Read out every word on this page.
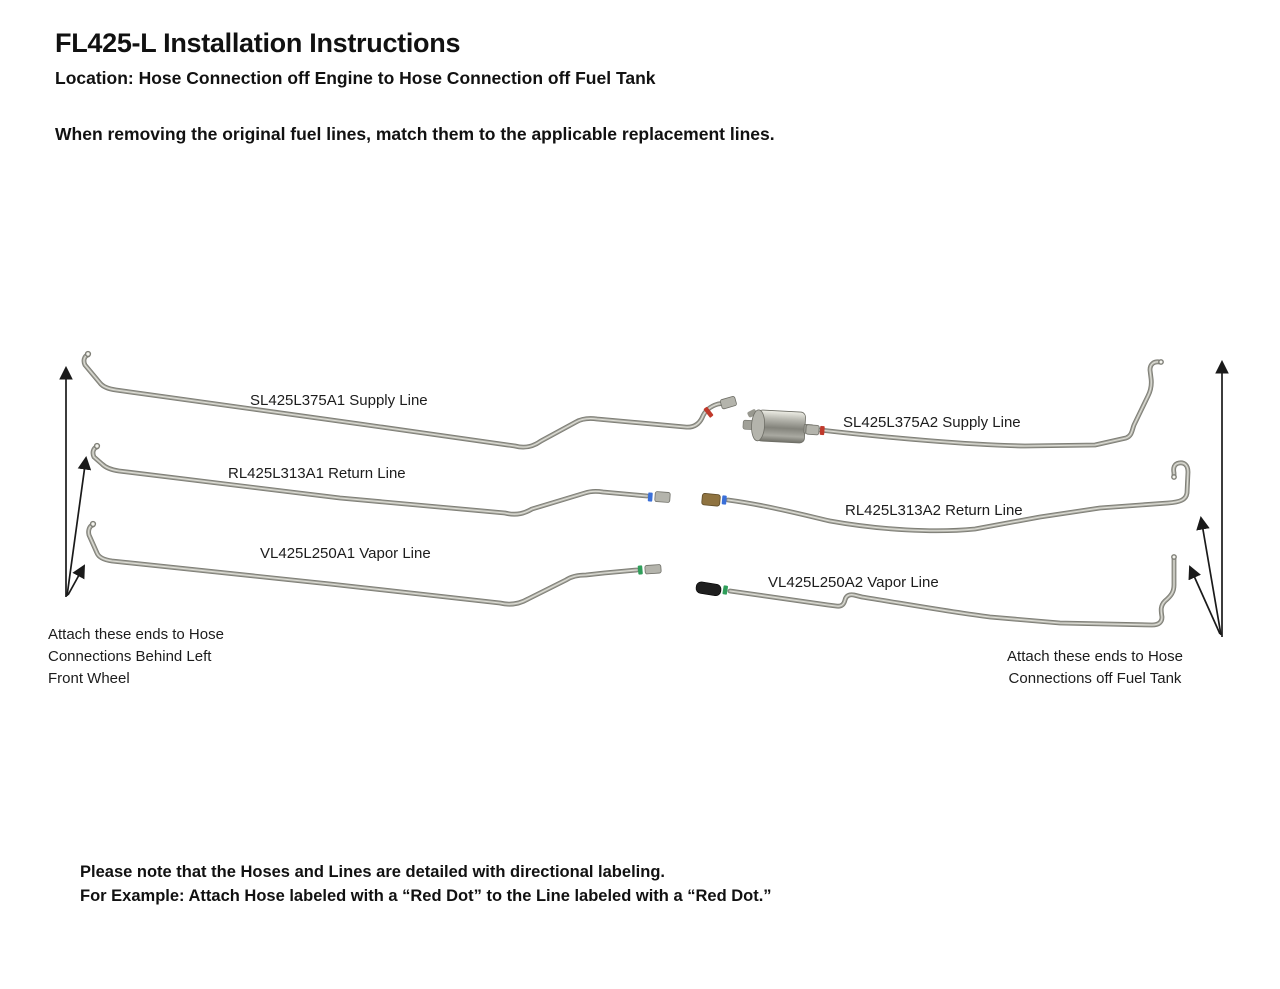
FL425-L Installation Instructions
Location: Hose Connection off Engine to Hose Connection off Fuel Tank
When removing the original fuel lines, match them to the applicable replacement lines.
SL425L375A1 Supply Line
SL425L375A2 Supply Line
RL425L313A1 Return Line
RL425L313A2 Return Line
VL425L250A1 Vapor Line
VL425L250A2 Vapor Line
Attach these ends to Hose
Connections Behind Left
Front Wheel
Attach these ends to Hose
Connections off Fuel Tank
Please note that the Hoses and Lines are detailed with directional labeling.
For Example: Attach Hose labeled with a “Red Dot” to the Line labeled with a “Red Dot.”
